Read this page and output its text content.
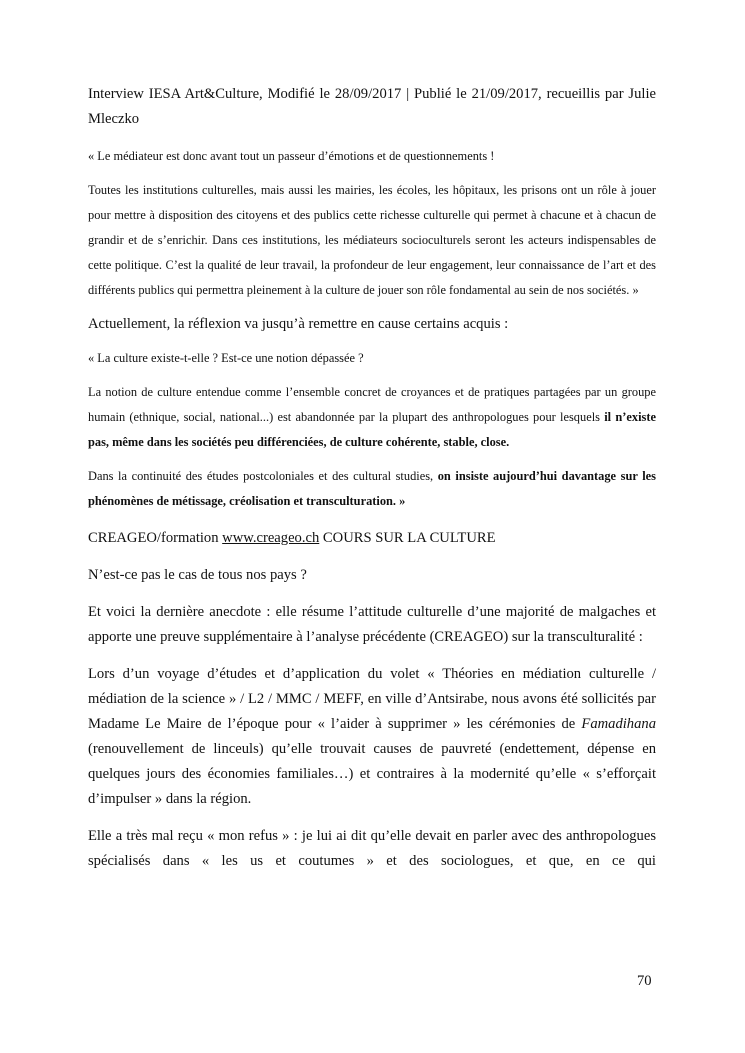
Interview IESA Art&Culture, Modifié le 28/09/2017 | Publié le 21/09/2017, recueillis par Julie Mleczko

« Le médiateur est donc avant tout un passeur d’émotions et de questionnements !

Toutes les institutions culturelles, mais aussi les mairies, les écoles, les hôpitaux, les prisons ont un rôle à jouer pour mettre à disposition des citoyens et des publics cette richesse culturelle qui permet à chacune et à chacun de grandir et de s’enrichir. Dans ces institutions, les médiateurs socioculturels seront les acteurs indispensables de cette politique. C’est la qualité de leur travail, la profondeur de leur engagement, leur connaissance de l’art et des différents publics qui permettra pleinement à la culture de jouer son rôle fondamental au sein de nos sociétés. »

Actuellement, la réflexion va jusqu’à remettre en cause certains acquis :

« La culture existe-t-elle ? Est-ce une notion dépassée ?

La notion de culture entendue comme l’ensemble concret de croyances et de pratiques partagées par un groupe humain (ethnique, social, national...) est abandonnée par la plupart des anthropologues pour lesquels il n’existe pas, même dans les sociétés peu différenciées, de culture cohérente, stable, close.

Dans la continuité des études postcoloniales et des cultural studies, on insiste aujourd’hui davantage sur les phénomènes de métissage, créolisation et transculturation. »

CREAGEO/formation www.creageo.ch COURS SUR LA CULTURE

N’est-ce pas le cas de tous nos pays ?

Et voici la dernière anecdote : elle résume l’attitude culturelle d’une majorité de malgaches et apporte une preuve supplémentaire à l’analyse précédente (CREAGEO) sur la transculturalité :

Lors d’un voyage d’études et d’application du volet « Théories en médiation culturelle / médiation de la science » / L2 / MMC / MEFF, en ville d’Antsirabe, nous avons été sollicités par Madame Le Maire de l’époque pour « l’aider à supprimer » les cérémonies de Famadihana (renouvellement de linceuls) qu’elle trouvait causes de pauvreté (endettement, dépense en quelques jours des économies familiales…) et contraires à la modernité qu’elle « s’efforçait d’impulser » dans la région.

Elle a très mal reçu « mon refus » : je lui ai dit qu’elle devait en parler avec des anthropologues spécialisés dans « les us et coutumes » et des sociologues, et que, en ce qui

70
